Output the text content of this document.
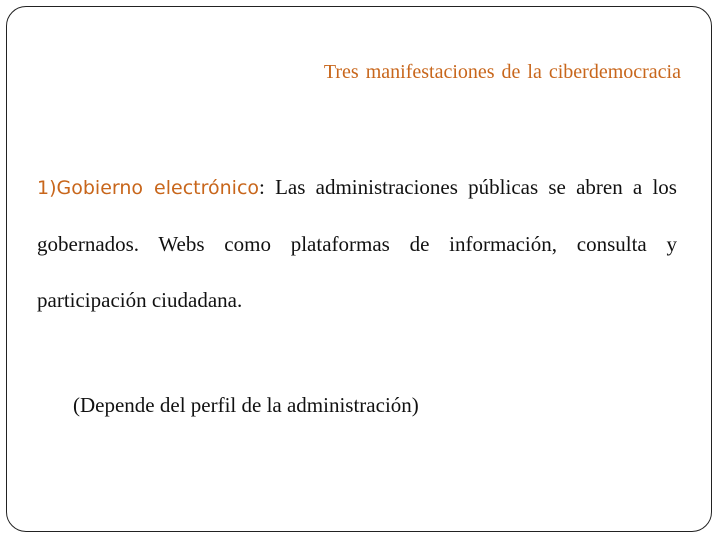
Tres manifestaciones de la ciberdemocracia

1)Gobierno electrónico: Las administraciones públicas se abren a los gobernados. Webs como plataformas de información, consulta y participación ciudadana.

(Depende del perfil de la administración)
